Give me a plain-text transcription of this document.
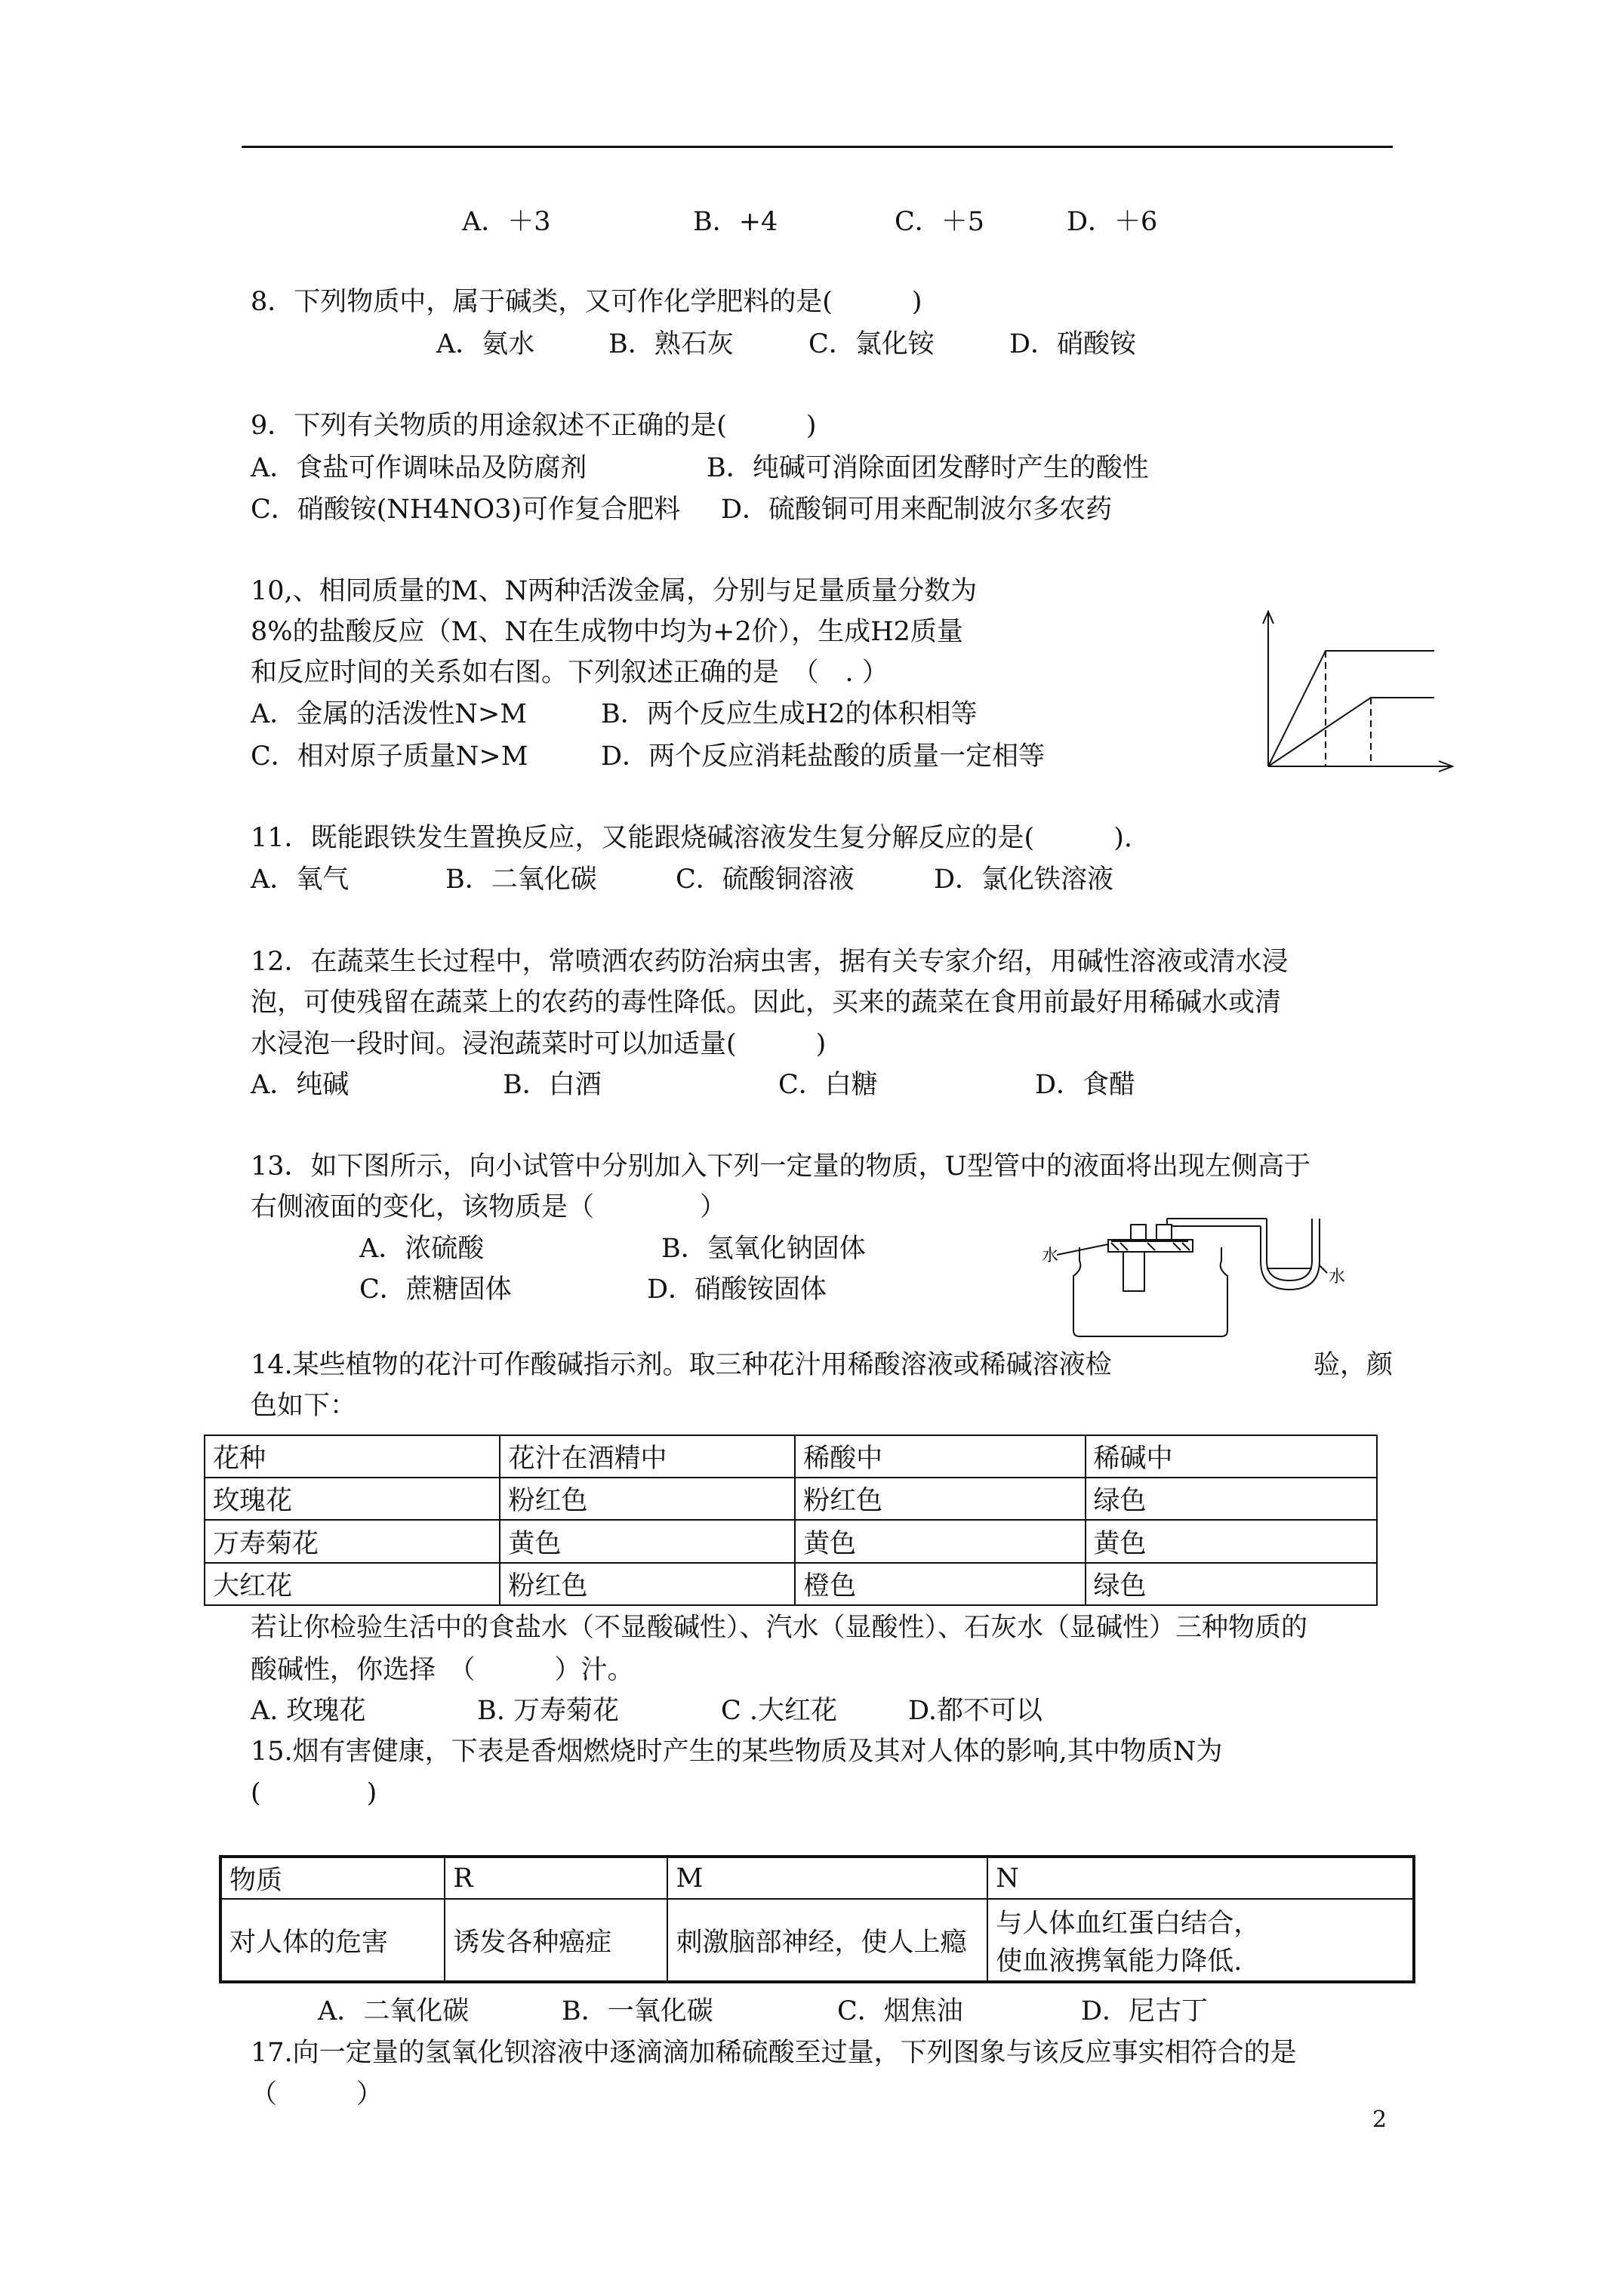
A．＋3	B．+4	C．＋5	D．＋6
8．下列物质中，属于碱类，又可作化学肥料的是(　　　)
A．氨水	B．熟石灰	C．氯化铵	D．硝酸铵
9．下列有关物质的用途叙述不正确的是(　　　)
A．食盐可作调味品及防腐剂	B．纯碱可消除面团发酵时产生的酸性
C．硝酸铵(NH4NO3)可作复合肥料 D．硫酸铜可用来配制波尔多农药
10,、相同质量的M、N两种活泼金属，分别与足量质量分数为
8%的盐酸反应（M、N在生成物中均为+2价），生成H2质量
和反应时间的关系如右图。下列叙述正确的是　（　. ）
A．金属的活泼性N>M	B．两个反应生成H2的体积相等
C．相对原子质量N>M	D．两个反应消耗盐酸的质量一定相等
11．既能跟铁发生置换反应，又能跟烧碱溶液发生复分解反应的是(　　　).
A．氧气	B．二氧化碳	C．硫酸铜溶液	D．氯化铁溶液
12．在蔬菜生长过程中，常喷洒农药防治病虫害，据有关专家介绍，用碱性溶液或清水浸
泡，可使残留在蔬菜上的农药的毒性降低。因此，买来的蔬菜在食用前最好用稀碱水或清
水浸泡一段时间。浸泡蔬菜时可以加适量(　　　)
A．纯碱	B．白酒	C．白糖	D．食醋
13．如下图所示，向小试管中分别加入下列一定量的物质，U型管中的液面将出现左侧高于
右侧液面的变化，该物质是（　　　　）
A．浓硫酸	B．氢氧化钠固体
C．蔗糖固体	D．硝酸铵固体
水
水
14.某些植物的花汁可作酸碱指示剂。取三种花汁用稀酸溶液或稀碱溶液检	验，颜
色如下：
花种	花汁在酒精中	稀酸中	稀碱中
玫瑰花	粉红色	粉红色	绿色
万寿菊花	黄色	黄色	黄色
大红花	粉红色	橙色	绿色
若让你检验生活中的食盐水（不显酸碱性）、汽水（显酸性）、石灰水（显碱性）三种物质的
酸碱性，你选择　（　　　）汁。
A. 玫瑰花	B. 万寿菊花	C .大红花	D.都不可以
15.烟有害健康，下表是香烟燃烧时产生的某些物质及其对人体的影响,其中物质N为
(　　　　)
物质	R	M	N
对人体的危害	诱发各种癌症	刺激脑部神经，使人上瘾	与人体血红蛋白结合，
使血液携氧能力降低.
A．二氧化碳	B．一氧化碳	C．烟焦油	D．尼古丁
17.向一定量的氢氧化钡溶液中逐滴滴加稀硫酸至过量，下列图象与该反应事实相符合的是
（　　　）
2
